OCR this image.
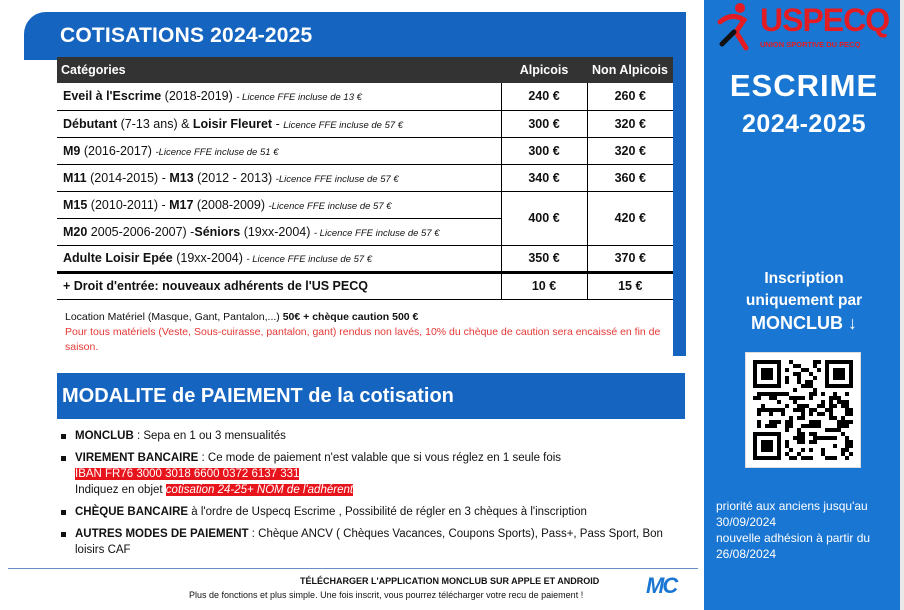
COTISATIONS 2024-2025
Catégories	Alpicois	Non Alpicois
Eveil à l'Escrime (2018-2019) - Licence FFE incluse de 13 €	240 €	260 €
Débutant (7-13 ans) & Loisir Fleuret - Licence FFE incluse de 57 €	300 €	320 €
M9 (2016-2017) -Licence FFE incluse de 51 €	300 €	320 €
M11 (2014-2015) - M13 (2012 - 2013) -Licence FFE incluse de 57 €	340 €	360 €
M15 (2010-2011) - M17 (2008-2009) -Licence FFE incluse de 57 €	400 €	420 €
M20 2005-2006-2007) -Séniors (19xx-2004) - Licence FFE incluse de 57 €		
Adulte Loisir Epée (19xx-2004) - Licence FFE incluse de 57 €	350 €	370 €
+ Droit d'entrée: nouveaux adhérents de l'US PECQ	10 €	15 €
Location Matériel (Masque, Gant, Pantalon,...) 50€ + chèque caution 500 €
Pour tous matériels (Veste, Sous-cuirasse, pantalon, gant) rendus non lavés, 10% du chèque de caution sera encaissé en fin de saison.
MODALITE de PAIEMENT de la cotisation
MONCLUB : Sepa en 1 ou 3 mensualités
VIREMENT BANCAIRE : Ce mode de paiement n'est valable que si vous réglez en 1 seule fois
IBAN FR76 3000 3018 6600 0372 6137 331
Indiquez en objet cotisation 24-25+ NOM de l'adhérent
CHÈQUE BANCAIRE à l'ordre de Uspecq Escrime , Possibilité de régler en 3 chèques à l'inscription
AUTRES MODES DE PAIEMENT : Chèque ANCV ( Chèques Vacances, Coupons Sports), Pass+, Pass Sport, Bon loisirs CAF
TÉLÉCHARGER L'APPLICATION MONCLUB SUR APPLE ET ANDROID
Plus de fonctions et plus simple. Une fois inscrit, vous pourrez télécharger votre recu de paiement !	MC
USPECQ
UNION SPORTIVE DU PECQ
ESCRIME
2024-2025
Inscription
uniquement par
MONCLUB ↓
priorité aux anciens jusqu'au 30/09/2024
nouvelle adhésion à partir du 26/08/2024
